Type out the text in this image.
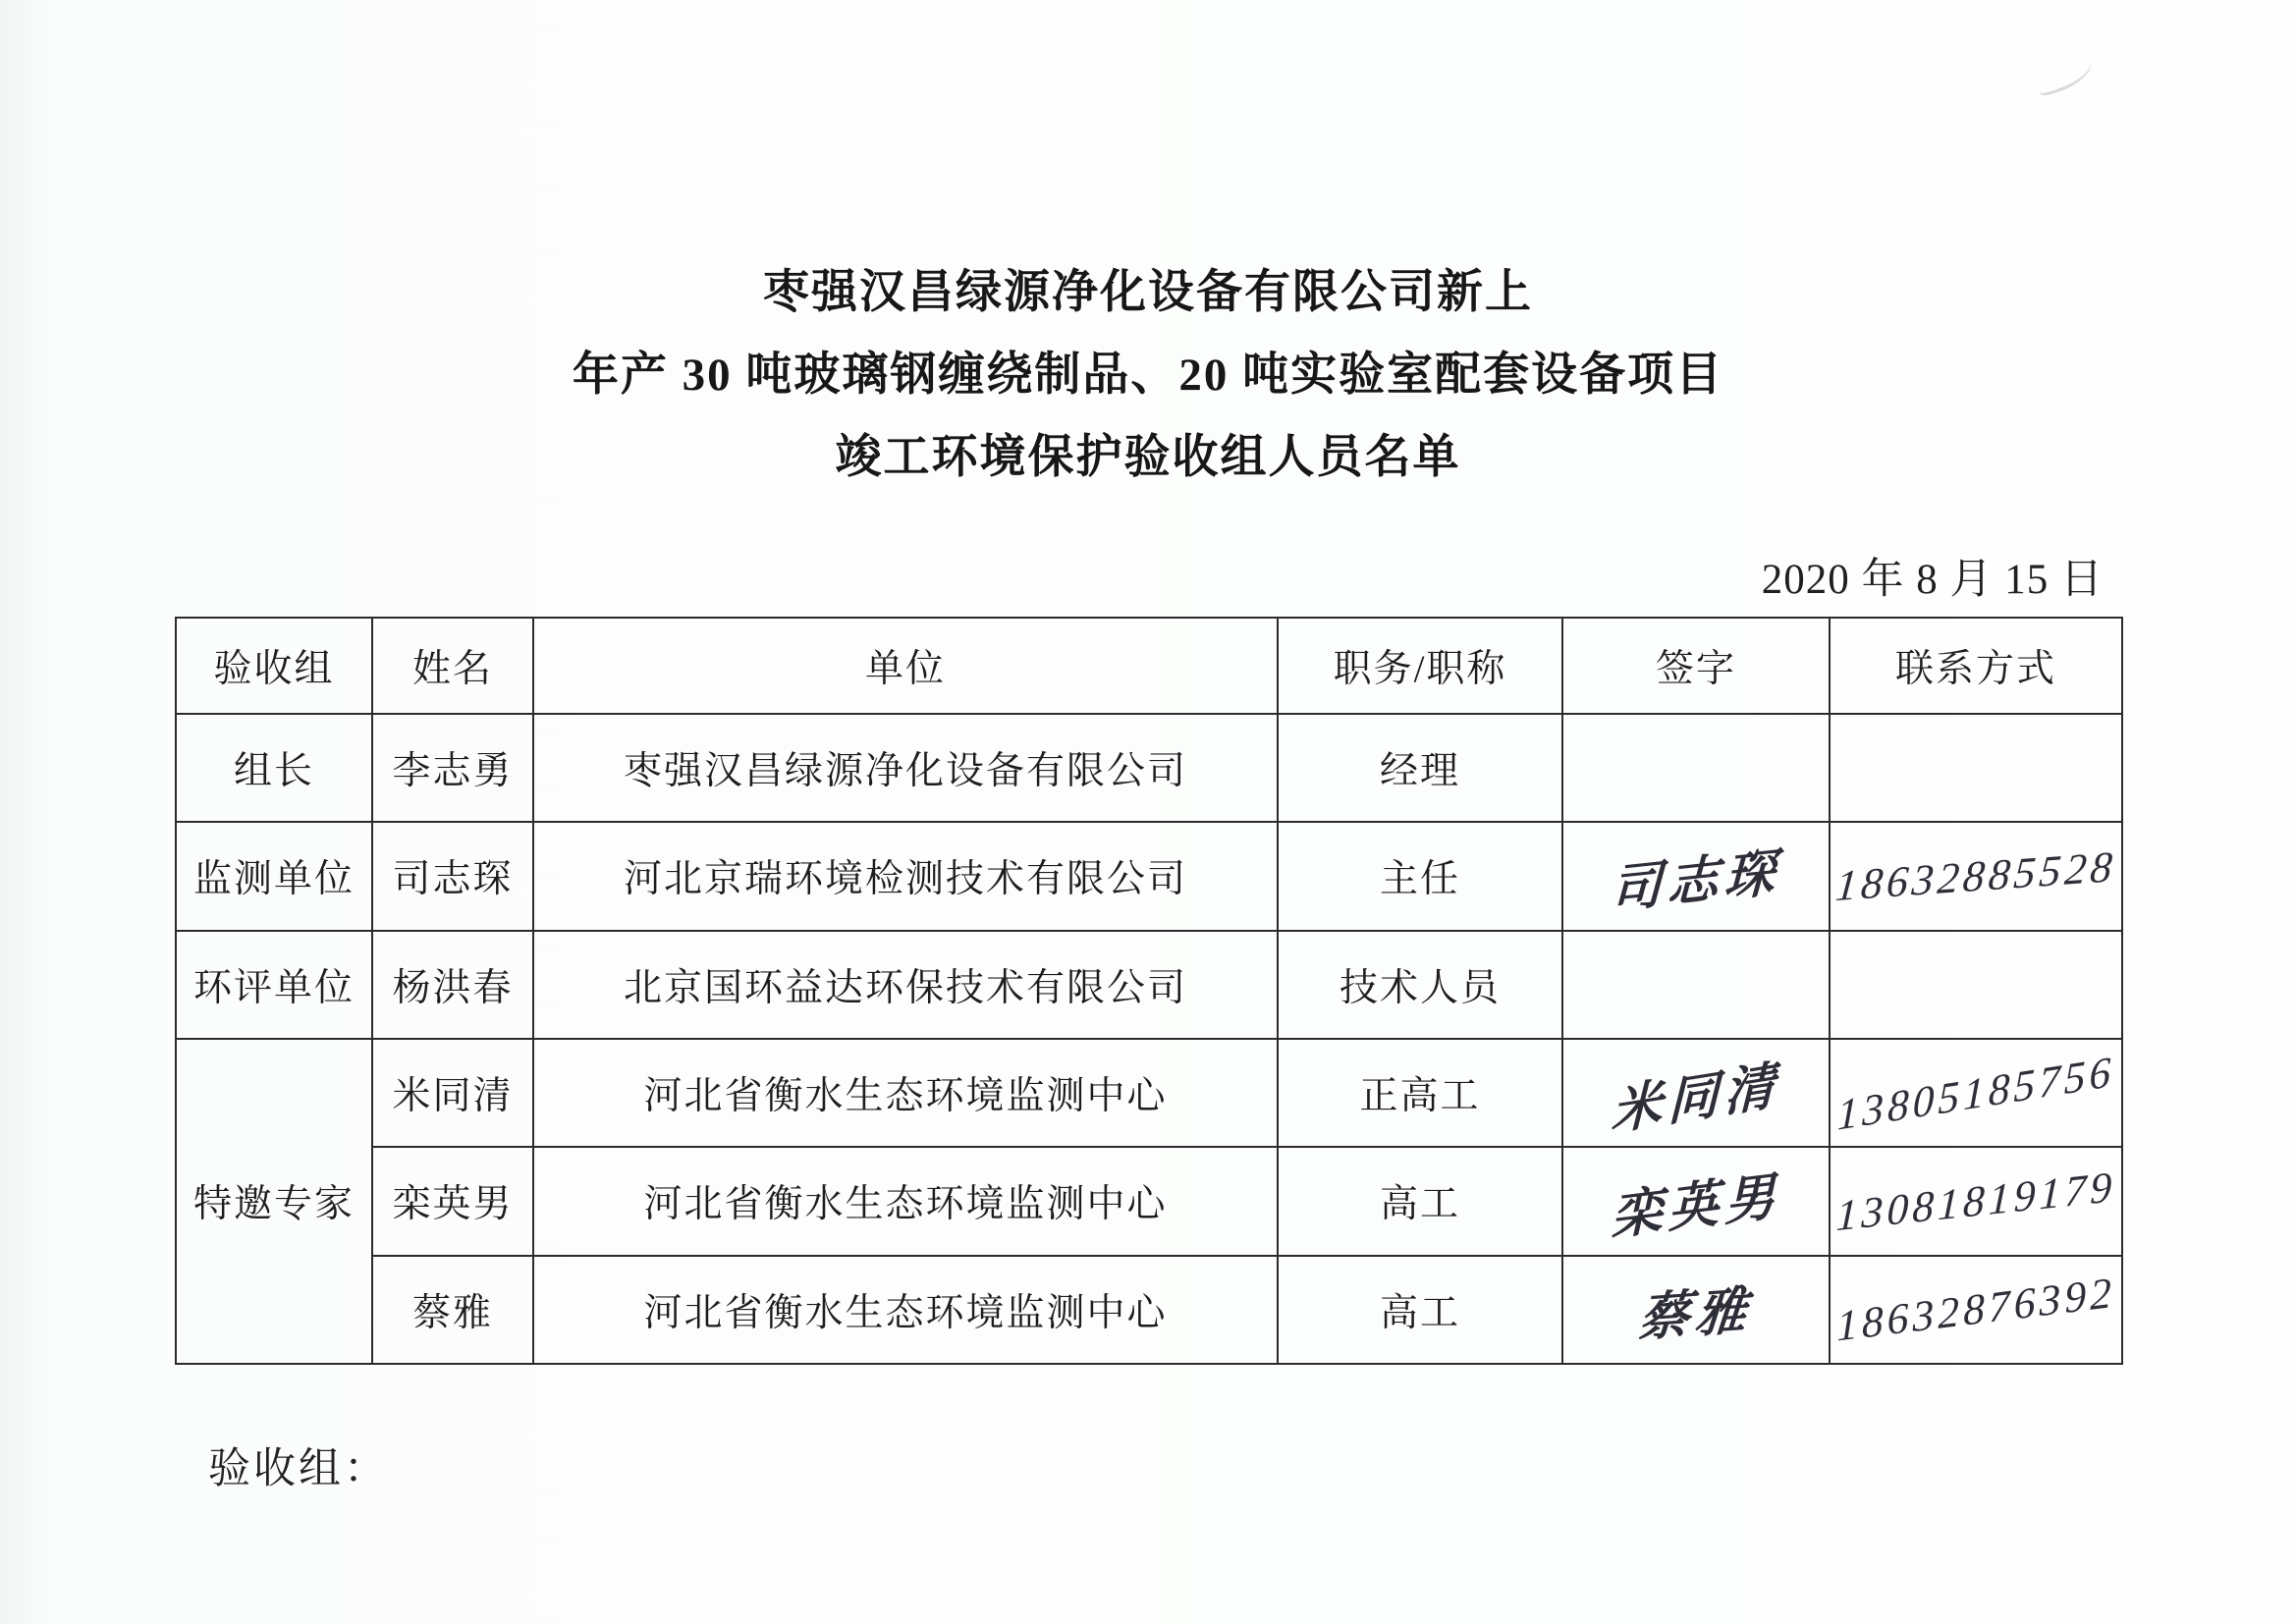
枣强汉昌绿源净化设备有限公司新上
年产 30 吨玻璃钢缠绕制品、20 吨实验室配套设备项目
竣工环境保护验收组人员名单
2020 年 8 月 15 日
验收组	姓名	单位	职务/职称	签字	联系方式
组长	李志勇	枣强汉昌绿源净化设备有限公司	经理		
监测单位	司志琛	河北京瑞环境检测技术有限公司	主任	司志琛	18632885528
环评单位	杨洪春	北京国环益达环保技术有限公司	技术人员		
特邀专家	米同清	河北省衡水生态环境监测中心	正高工	米同清	13805185756
	栾英男	河北省衡水生态环境监测中心	高工	栾英男	13081819179
	蔡雅	河北省衡水生态环境监测中心	高工	蔡雅	18632876392
验收组：
